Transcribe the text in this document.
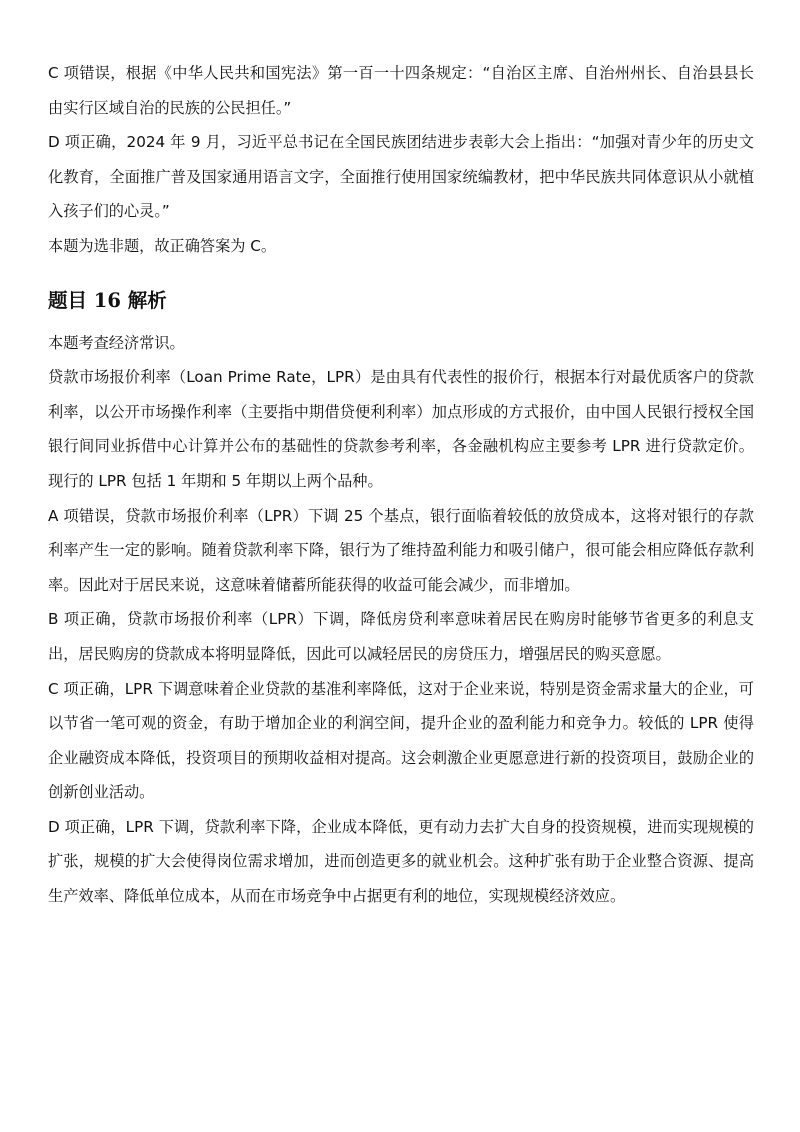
C 项错误，根据《中华人民共和国宪法》第一百一十四条规定：“自治区主席、自治州州长、自治县县长由实行区域自治的民族的公民担任。”

D 项正确，2024 年 9 月，习近平总书记在全国民族团结进步表彰大会上指出：“加强对青少年的历史文化教育，全面推广普及国家通用语言文字，全面推行使用国家统编教材，把中华民族共同体意识从小就植入孩子们的心灵。”

本题为选非题，故正确答案为 C。

题目 16 解析

本题考查经济常识。

贷款市场报价利率（Loan Prime Rate，LPR）是由具有代表性的报价行，根据本行对最优质客户的贷款利率，以公开市场操作利率（主要指中期借贷便利利率）加点形成的方式报价，由中国人民银行授权全国银行间同业拆借中心计算并公布的基础性的贷款参考利率，各金融机构应主要参考 LPR 进行贷款定价。 现行的 LPR 包括 1 年期和 5 年期以上两个品种。

A 项错误，贷款市场报价利率（LPR）下调 25 个基点，银行面临着较低的放贷成本，这将对银行的存款利率产生一定的影响。随着贷款利率下降，银行为了维持盈利能力和吸引储户，很可能会相应降低存款利率。因此对于居民来说，这意味着储蓄所能获得的收益可能会减少，而非增加。

B 项正确，贷款市场报价利率（LPR）下调，降低房贷利率意味着居民在购房时能够节省更多的利息支出，居民购房的贷款成本将明显降低，因此可以减轻居民的房贷压力，增强居民的购买意愿。

C 项正确，LPR 下调意味着企业贷款的基准利率降低，这对于企业来说，特别是资金需求量大的企业，可以节省一笔可观的资金，有助于增加企业的利润空间，提升企业的盈利能力和竞争力。较低的 LPR 使得企业融资成本降低，投资项目的预期收益相对提高。这会刺激企业更愿意进行新的投资项目，鼓励企业的创新创业活动。

D 项正确，LPR 下调，贷款利率下降，企业成本降低，更有动力去扩大自身的投资规模，进而实现规模的扩张，规模的扩大会使得岗位需求增加，进而创造更多的就业机会。这种扩张有助于企业整合资源、提高生产效率、降低单位成本，从而在市场竞争中占据更有利的地位，实现规模经济效应。
